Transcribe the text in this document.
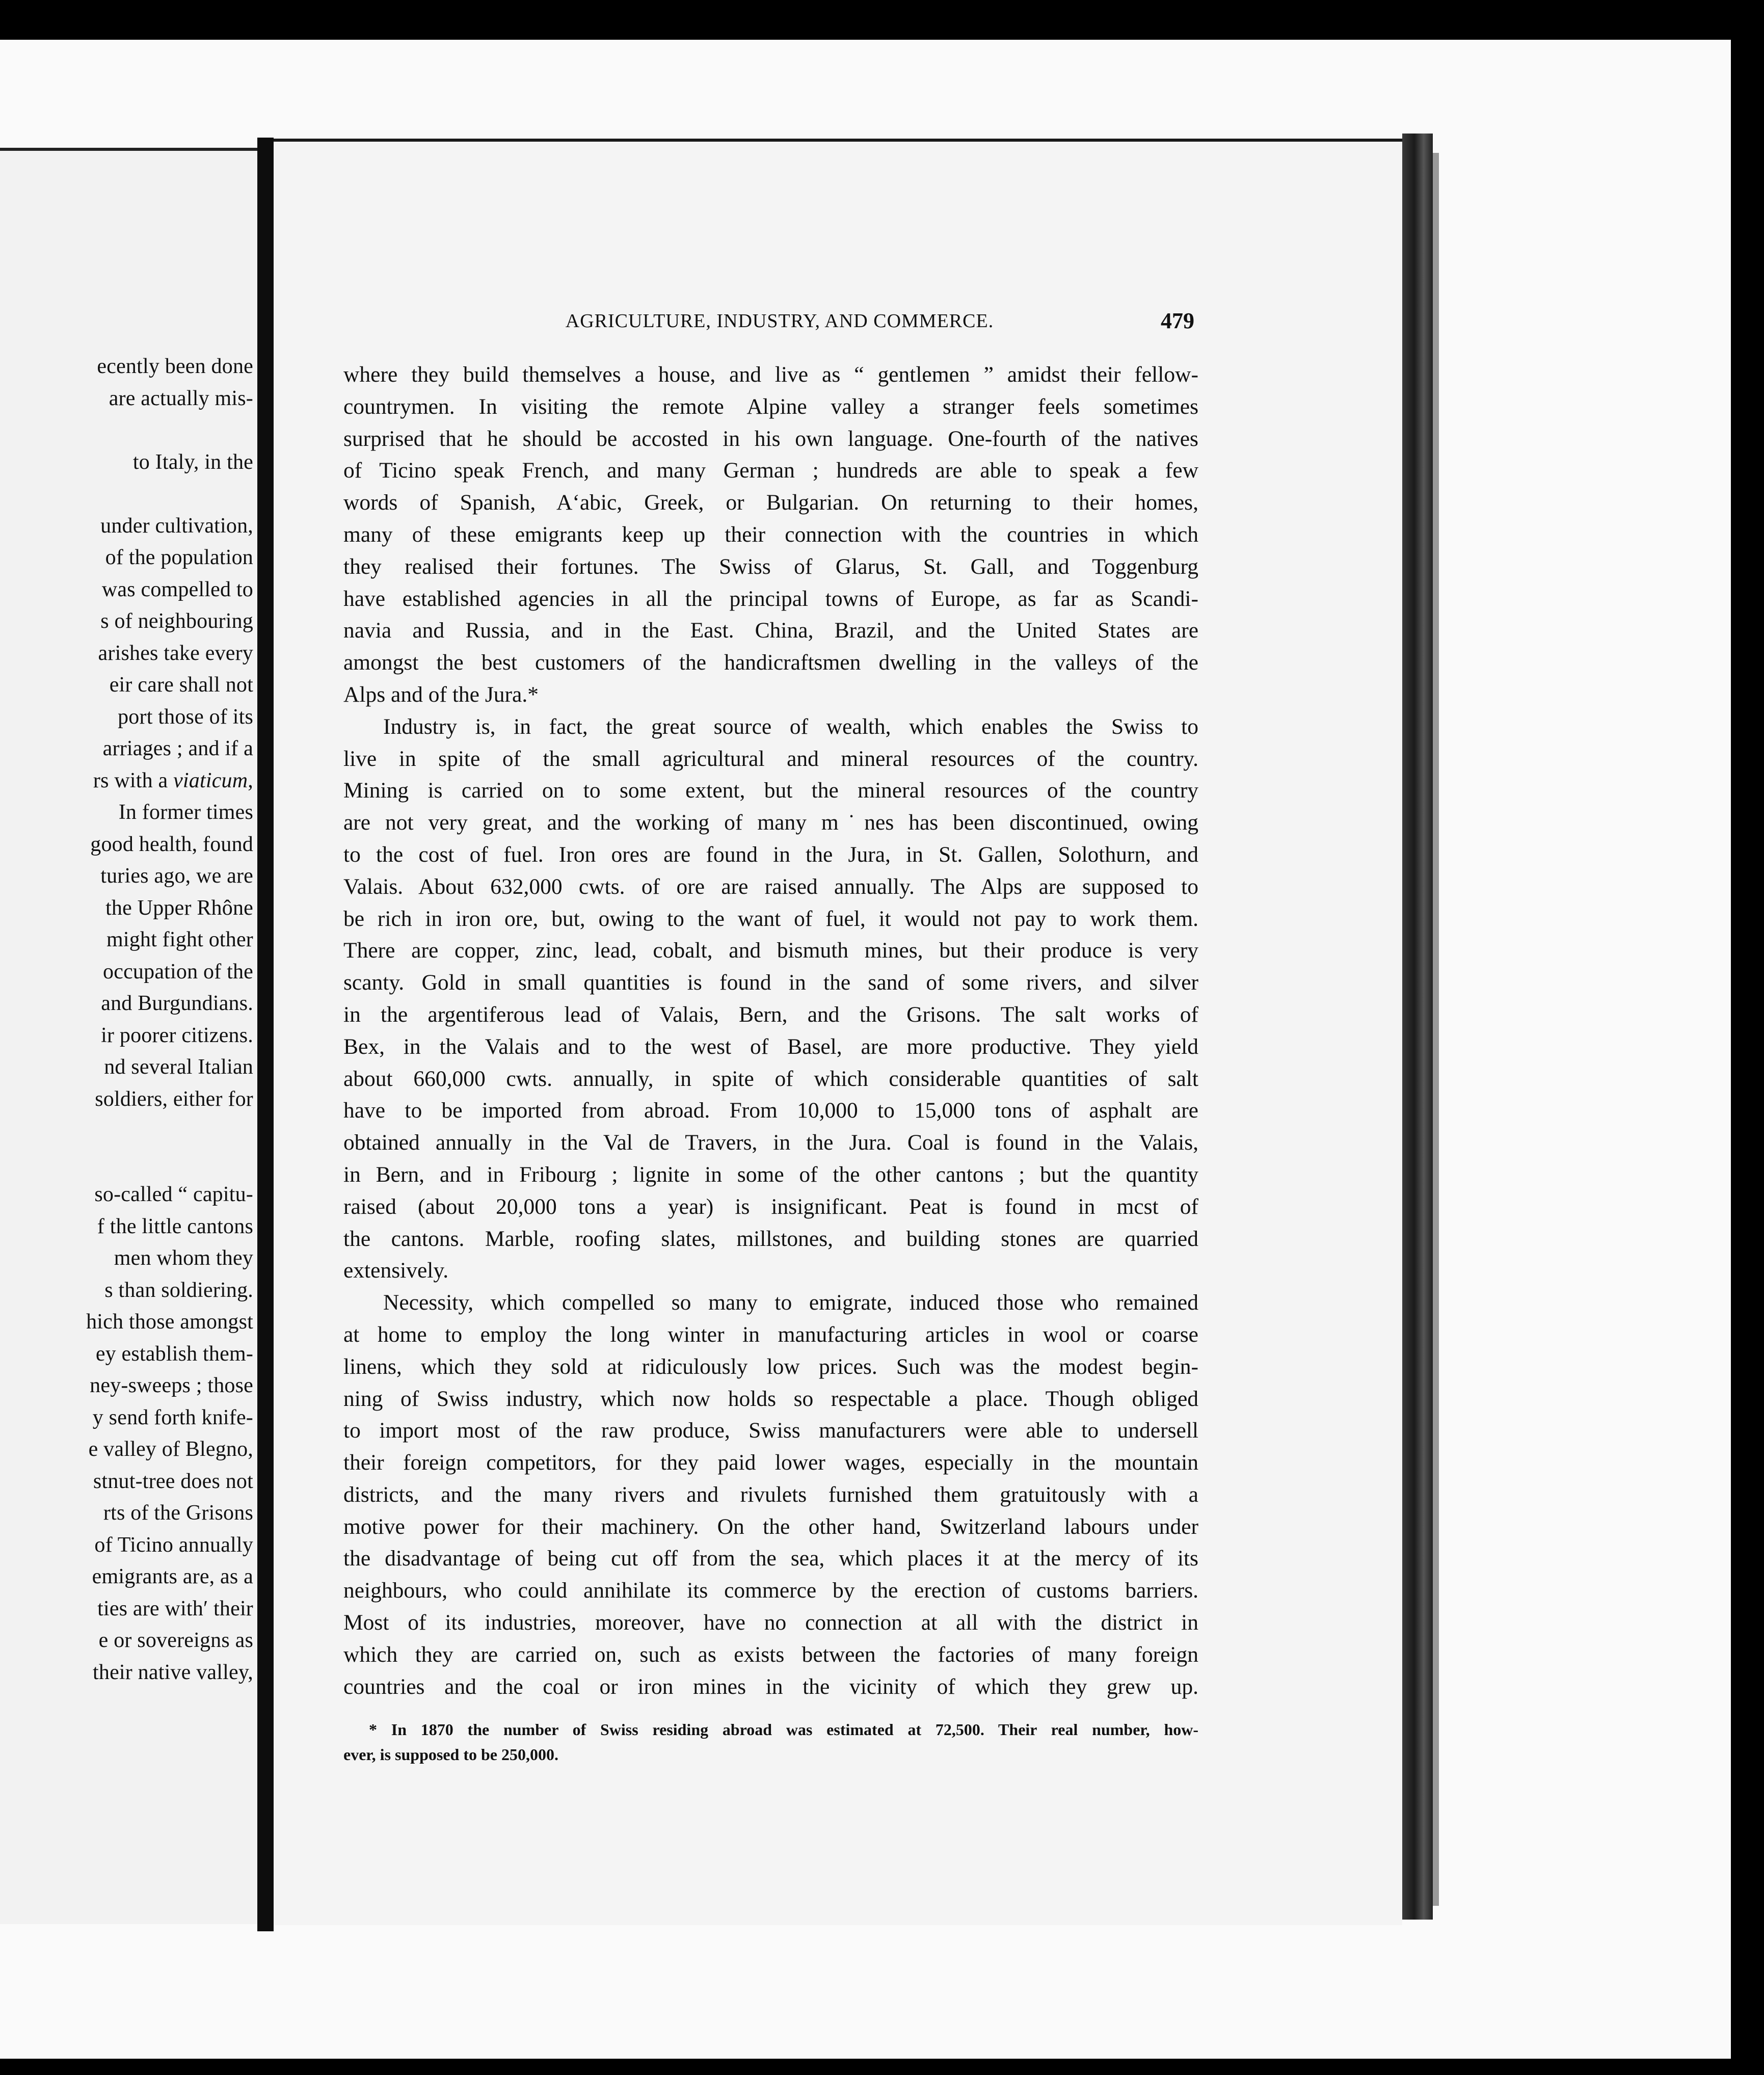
ecently been done
are actually mis-

to Italy, in the

under cultivation,
of the population
was compelled to
s of neighbouring
arishes take every
eir care shall not
port those of its
arriages ; and if a
rs with a viaticum,
In former times
good health, found
turies ago, we are
the Upper Rhône
might fight other
occupation of the
and Burgundians.
ir poorer citizens.
nd several Italian
soldiers, either for

so-called “ capitu-
f the little cantons
men whom they
s than soldiering.
hich those amongst
ey establish them-
ney-sweeps ; those
y send forth knife-
e valley of Blegno,
stnut-tree does not
rts of the Grisons
of Ticino annually
emigrants are, as a
ties are withʹ their
e or sovereigns as
their native valley,
AGRICULTURE, INDUSTRY, AND COMMERCE.	479
where they build themselves a house, and live as “ gentlemen ” amidst their fellow-
countrymen. In visiting the remote Alpine valley a stranger feels sometimes
surprised that he should be accosted in his own language. One-fourth of the natives
of Ticino speak French, and many German ; hundreds are able to speak a few
words of Spanish, Aʻabic, Greek, or Bulgarian. On returning to their homes,
many of these emigrants keep up their connection with the countries in which
they realised their fortunes. The Swiss of Glarus, St. Gall, and Toggenburg
have established agencies in all the principal towns of Europe, as far as Scandi-
navia and Russia, and in the East. China, Brazil, and the United States are
amongst the best customers of the handicraftsmen dwelling in the valleys of the
Alps and of the Jura.*
Industry is, in fact, the great source of wealth, which enables the Swiss to
live in spite of the small agricultural and mineral resources of the country.
Mining is carried on to some extent, but the mineral resources of the country
are not very great, and the working of many m˙nes has been discontinued, owing
to the cost of fuel. Iron ores are found in the Jura, in St. Gallen, Solothurn, and
Valais. About 632,000 cwts. of ore are raised annually. The Alps are supposed to
be rich in iron ore, but, owing to the want of fuel, it would not pay to work them.
There are copper, zinc, lead, cobalt, and bismuth mines, but their produce is very
scanty. Gold in small quantities is found in the sand of some rivers, and silver
in the argentiferous lead of Valais, Bern, and the Grisons. The salt works of
Bex, in the Valais and to the west of Basel, are more productive. They yield
about 660,000 cwts. annually, in spite of which considerable quantities of salt
have to be imported from abroad. From 10,000 to 15,000 tons of asphalt are
obtained annually in the Val de Travers, in the Jura. Coal is found in the Valais,
in Bern, and in Fribourg ; lignite in some of the other cantons ; but the quantity
raised (about 20,000 tons a year) is insignificant. Peat is found in mcst of
the cantons. Marble, roofing slates, millstones, and building stones are quarried
extensively.
Necessity, which compelled so many to emigrate, induced those who remained
at home to employ the long winter in manufacturing articles in wool or coarse
linens, which they sold at ridiculously low prices. Such was the modest begin-
ning of Swiss industry, which now holds so respectable a place. Though obliged
to import most of the raw produce, Swiss manufacturers were able to undersell
their foreign competitors, for they paid lower wages, especially in the mountain
districts, and the many rivers and rivulets furnished them gratuitously with a
motive power for their machinery. On the other hand, Switzerland labours under
the disadvantage of being cut off from the sea, which places it at the mercy of its
neighbours, who could annihilate its commerce by the erection of customs barriers.
Most of its industries, moreover, have no connection at all with the district in
which they are carried on, such as exists between the factories of many foreign
countries and the coal or iron mines in the vicinity of which they grew up.
* In 1870 the number of Swiss residing abroad was estimated at 72,500. Their real number, how-
ever, is supposed to be 250,000.
